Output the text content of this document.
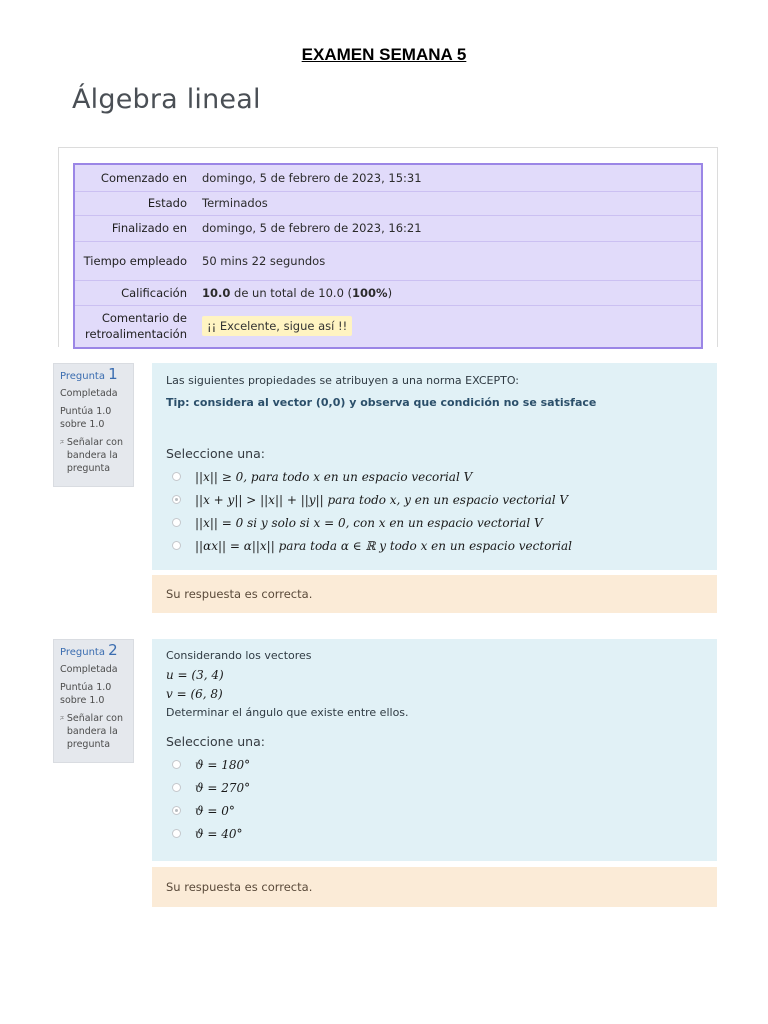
EXAMEN SEMANA 5
Álgebra lineal
Comenzado en	domingo, 5 de febrero de 2023, 15:31
Estado	Terminados
Finalizado en	domingo, 5 de febrero de 2023, 16:21
Tiempo empleado	50 mins 22 segundos
Calificación	10.0 de un total de 10.0 (100%)
Comentario de retroalimentación	¡¡ Excelente, sigue así !!
Pregunta 1
Completada
Puntúa 1.0 sobre 1.0
Señalar con bandera la pregunta
Las siguientes propiedades se atribuyen a una norma EXCEPTO:
Tip: considera al vector (0,0) y observa que condición no se satisface
Seleccione una:
||x|| ≥ 0, para todo x en un espacio vecorial V
||x + y|| > ||x|| + ||y|| para todo x, y en un espacio vectorial V
||x|| = 0 si y solo si x = 0, con x en un espacio vectorial V
||αx|| = α||x|| para toda α ∈ ℝ y todo x en un espacio vectorial
Su respuesta es correcta.
Pregunta 2
Completada
Puntúa 1.0 sobre 1.0
Señalar con bandera la pregunta
Considerando los vectores
u = (3, 4)
v = (6, 8)
Determinar el ángulo que existe entre ellos.
Seleccione una:
ϑ = 180°
ϑ = 270°
ϑ = 0°
ϑ = 40°
Su respuesta es correcta.
